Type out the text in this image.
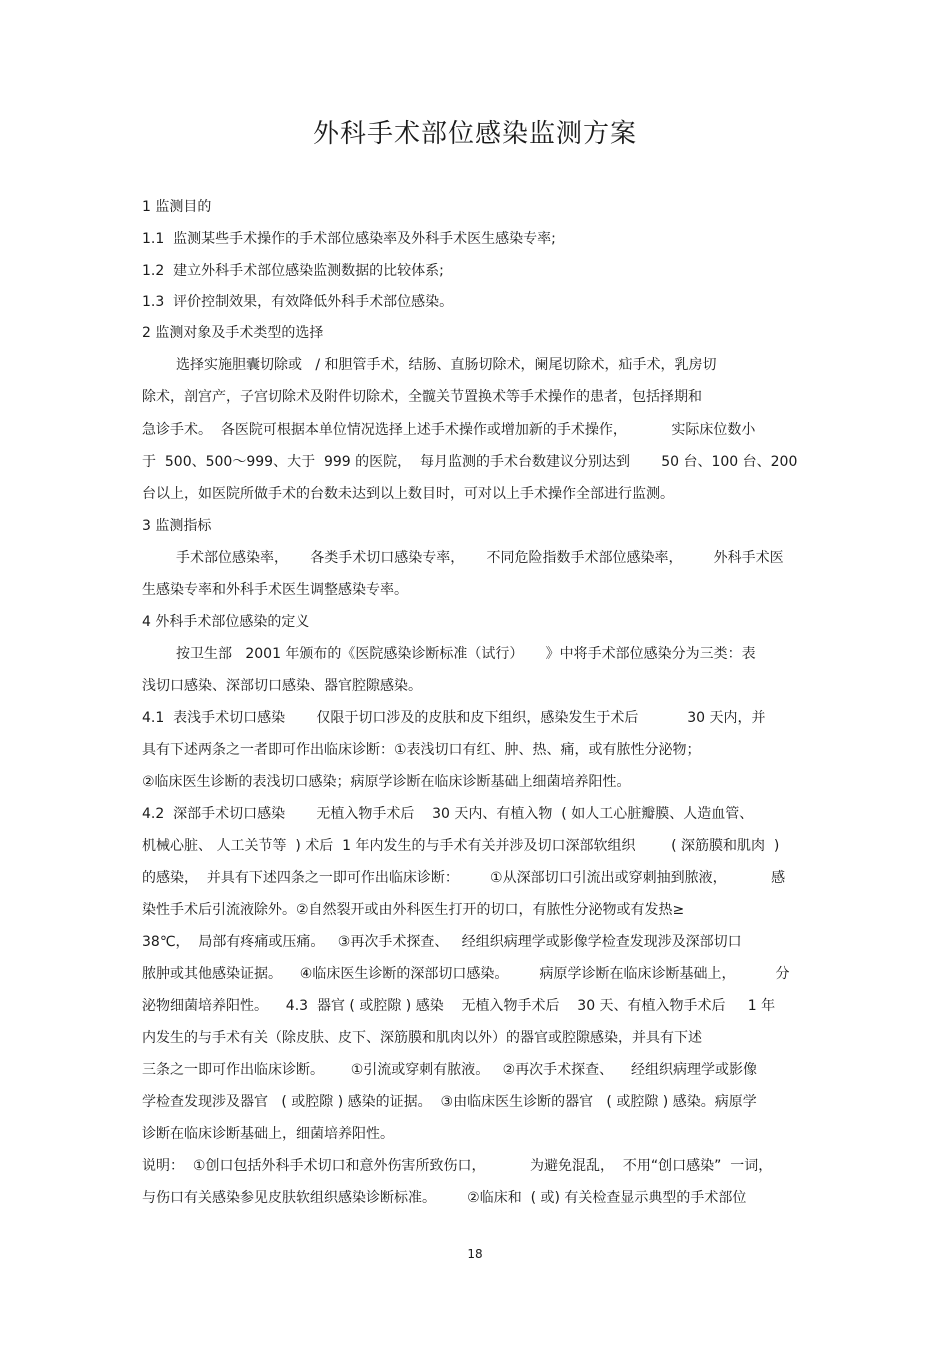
外科手术部位感染监测方案

1 监测目的

1.1  监测某些手术操作的手术部位感染率及外科手术医生感染专率;

1.2  建立外科手术部位感染监测数据的比较体系;

1.3  评价控制效果，有效降低外科手术部位感染。

2 监测对象及手术类型的选择

选择实施胆囊切除或   / 和胆管手术，结肠、直肠切除术，阑尾切除术，疝手术，乳房切

除术，剖宫产，子宫切除术及附件切除术，全髋关节置换术等手术操作的患者，包括择期和

急诊手术。  各医院可根据本单位情况选择上述手术操作或增加新的手术操作，          实际床位数小

于  500、500～999、大于  999 的医院，  每月监测的手术台数建议分别达到       50 台、100 台、200

台以上，如医院所做手术的台数未达到以上数目时，可对以上手术操作全部进行监测。

3 监测指标

手术部位感染率，     各类手术切口感染专率，     不同危险指数手术部位感染率，       外科手术医

生感染专率和外科手术医生调整感染专率。

4 外科手术部位感染的定义

按卫生部   2001 年颁布的《医院感染诊断标准（试行）     》中将手术部位感染分为三类：表

浅切口感染、深部切口感染、器官腔隙感染。

4.1  表浅手术切口感染       仅限于切口涉及的皮肤和皮下组织，感染发生于术后           30 天内，并

具有下述两条之一者即可作出临床诊断：①表浅切口有红、肿、热、痛，或有脓性分泌物；

②临床医生诊断的表浅切口感染；病原学诊断在临床诊断基础上细菌培养阳性。

4.2  深部手术切口感染       无植入物手术后    30 天内、有植入物  ( 如人工心脏瓣膜、人造血管、

机械心脏、 人工关节等  ) 术后  1 年内发生的与手术有关并涉及切口深部软组织        ( 深筋膜和肌肉  )

的感染，  并具有下述四条之一即可作出临床诊断：       ①从深部切口引流出或穿刺抽到脓液，          感

染性手术后引流液除外。②自然裂开或由外科医生打开的切口，有脓性分泌物或有发热≥

38℃，  局部有疼痛或压痛。   ③再次手术探查、   经组织病理学或影像学检查发现涉及深部切口

脓肿或其他感染证据。    ④临床医生诊断的深部切口感染。       病原学诊断在临床诊断基础上，         分

泌物细菌培养阳性。    4.3  器官 ( 或腔隙 ) 感染    无植入物手术后    30 天、有植入物手术后     1 年

内发生的与手术有关（除皮肤、皮下、深筋膜和肌肉以外）的器官或腔隙感染，并具有下述

三条之一即可作出临床诊断。      ①引流或穿刺有脓液。   ②再次手术探查、    经组织病理学或影像

学检查发现涉及器官   ( 或腔隙 ) 感染的证据。  ③由临床医生诊断的器官   ( 或腔隙 ) 感染。病原学

诊断在临床诊断基础上，细菌培养阳性。

说明：  ①创口包括外科手术切口和意外伤害所致伤口，          为避免混乱，  不用“创口感染”  一词，

与伤口有关感染参见皮肤软组织感染诊断标准。       ②临床和  ( 或) 有关检查显示典型的手术部位

18
